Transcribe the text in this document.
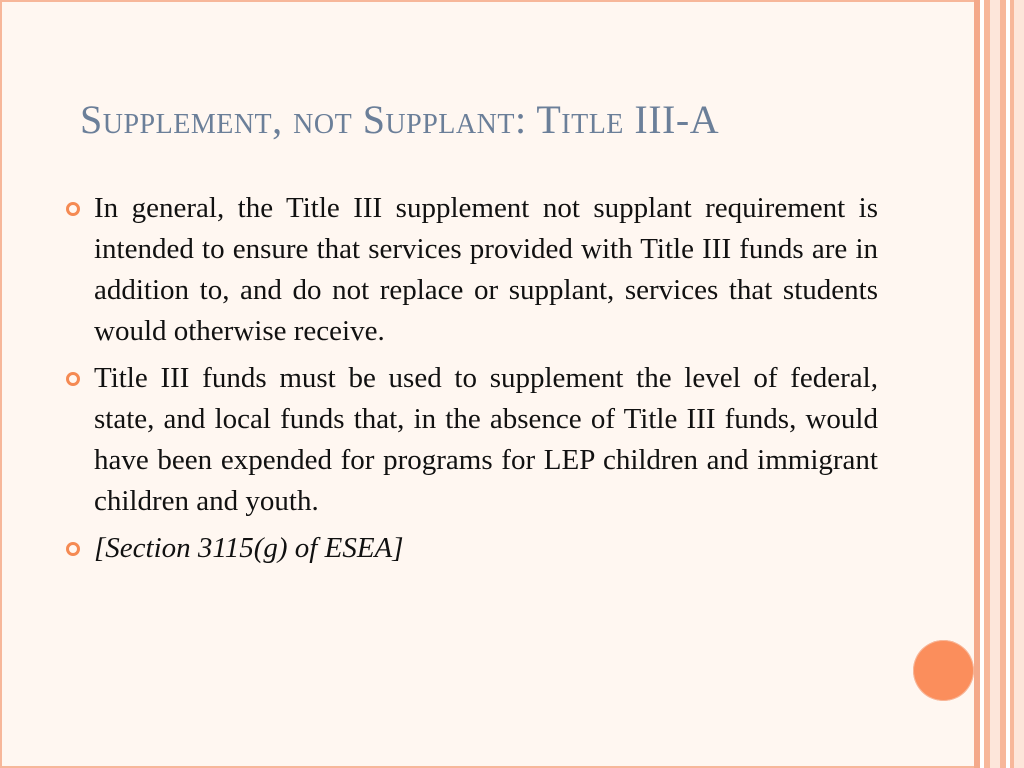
Supplement, not Supplant: Title III-A
In general, the Title III supplement not supplant requirement is intended to ensure that services provided with Title III funds are in addition to, and do not replace or supplant, services that students would otherwise receive.
Title III funds must be used to supplement the level of federal, state, and local funds that, in the absence of Title III funds, would have been expended for programs for LEP children and immigrant children and youth.
[Section 3115(g) of ESEA]
